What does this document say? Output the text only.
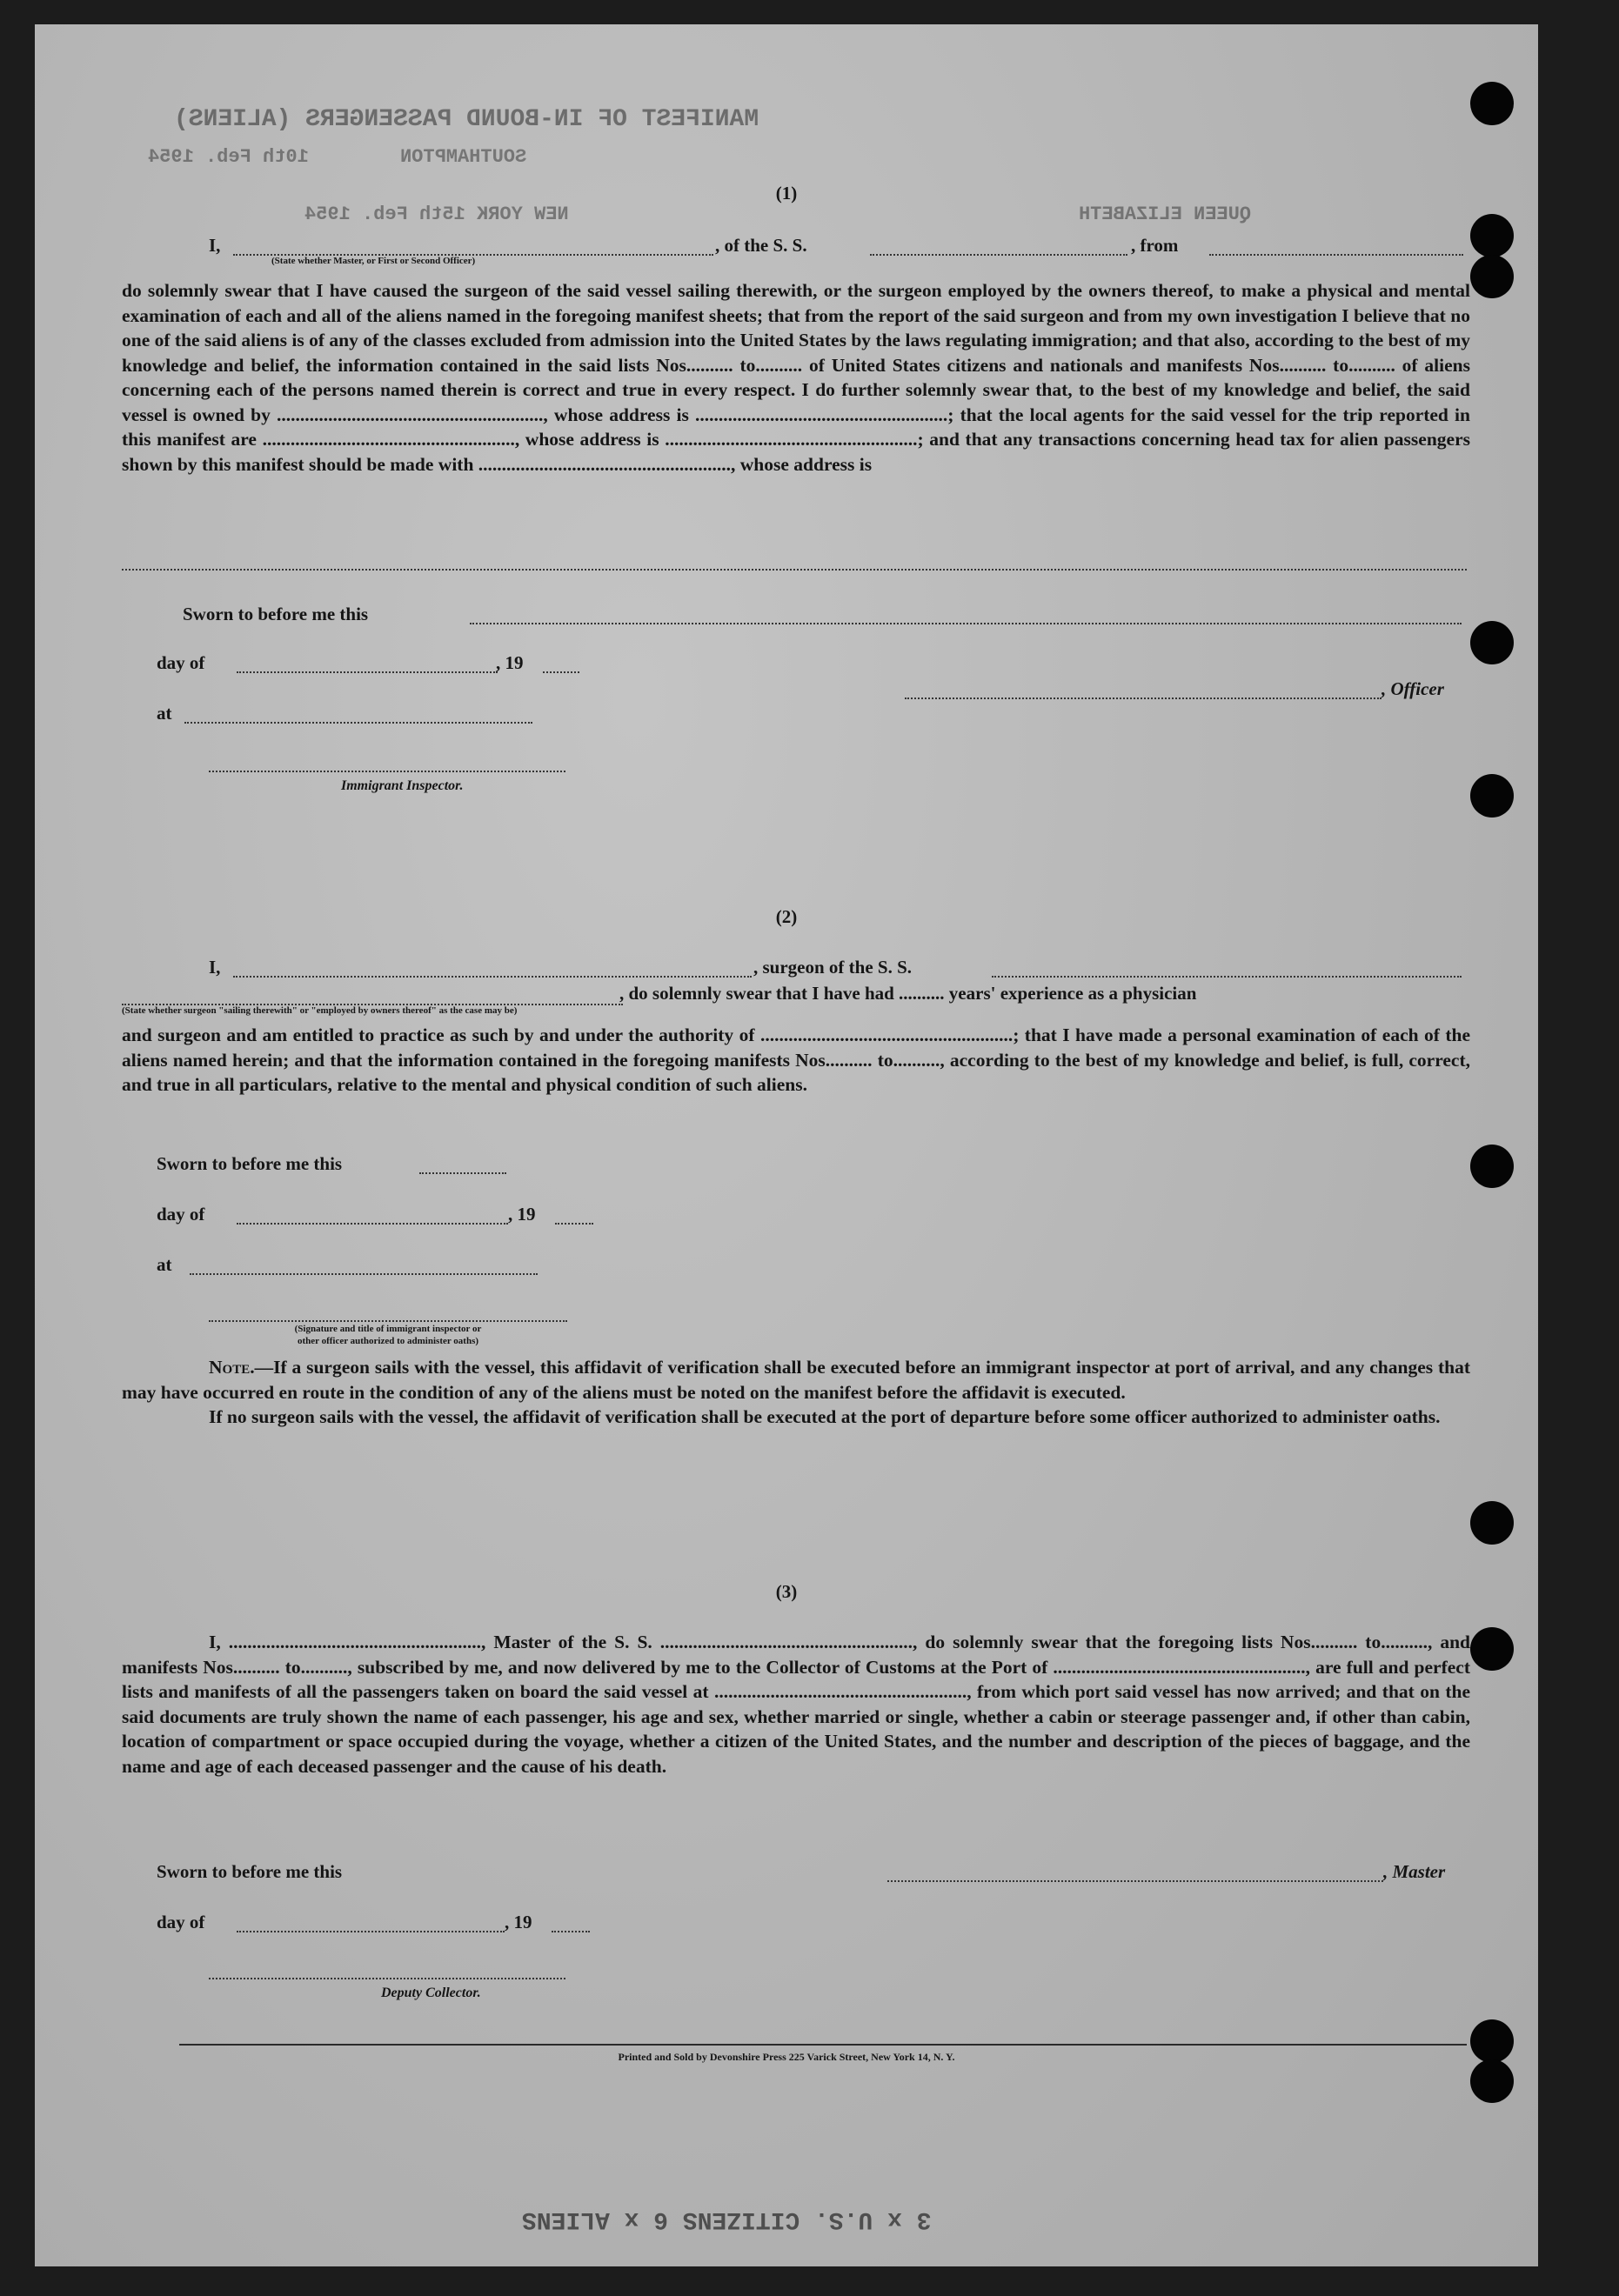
MANIFEST OF IN-BOUND PASSENGERS (ALIENS)
SOUTHAMPTON
10th Feb. 1954
NEW YORK 15th Feb. 1954	QUEEN ELIZABETH
(1)
I,	, of the S. S.	, from
(State whether Master, or First or Second Officer)

do solemnly swear that I have caused the surgeon of the said vessel sailing therewith, or the surgeon employed by the owners thereof, to make a physical and mental examination of each and all of the aliens named in the foregoing manifest sheets; that from the report of the said surgeon and from my own investigation I believe that no one of the said aliens is of any of the classes excluded from admission into the United States by the laws regulating immigration; and that also, according to the best of my knowledge and belief, the information contained in the said lists Nos.......... to.......... of United States citizens and nationals and manifests Nos.......... to.......... of aliens concerning each of the persons named therein is correct and true in every respect. I do further solemnly swear that, to the best of my knowledge and belief, the said vessel is owned by ........................................................., whose address is ......................................................; that the local agents for the said vessel for the trip reported in this manifest are ......................................................, whose address is ......................................................; and that any transactions concerning head tax for alien passengers shown by this manifest should be made with ......................................................, whose address is

Sworn to before me this
day of	, 19
, Officer
at
Immigrant Inspector.
(2)
I,	, surgeon of the S. S.
, do solemnly swear that I have had .......... years' experience as a physician
(State whether surgeon "sailing therewith" or "employed by owners thereof" as the case may be)

and surgeon and am entitled to practice as such by and under the authority of ......................................................; that I have made a personal examination of each of the aliens named herein; and that the information contained in the foregoing manifests Nos.......... to.........., according to the best of my knowledge and belief, is full, correct, and true in all particulars, relative to the mental and physical condition of such aliens.

Sworn to before me this
day of	, 19
at
(Signature and title of immigrant inspector or
other officer authorized to administer oaths)

Note.—If a surgeon sails with the vessel, this affidavit of verification shall be executed before an immigrant inspector at port of arrival, and any changes that may have occurred en route in the condition of any of the aliens must be noted on the manifest before the affidavit is executed.

If no surgeon sails with the vessel, the affidavit of verification shall be executed at the port of departure before some officer authorized to administer oaths.

(3)

I, ......................................................, Master of the S. S. ......................................................, do solemnly swear that the foregoing lists Nos.......... to.........., and manifests Nos.......... to.........., subscribed by me, and now delivered by me to the Collector of Customs at the Port of ......................................................, are full and perfect lists and manifests of all the passengers taken on board the said vessel at ......................................................, from which port said vessel has now arrived; and that on the said documents are truly shown the name of each passenger, his age and sex, whether married or single, whether a cabin or steerage passenger and, if other than cabin, location of compartment or space occupied during the voyage, whether a citizen of the United States, and the number and description of the pieces of baggage, and the name and age of each deceased passenger and the cause of his death.

Sworn to before me this	, Master
day of	, 19
Deputy Collector.
Printed and Sold by Devonshire Press 225 Varick Street, New York 14, N. Y.
3 x U.S. CITIZENS 6 x ALIENS
